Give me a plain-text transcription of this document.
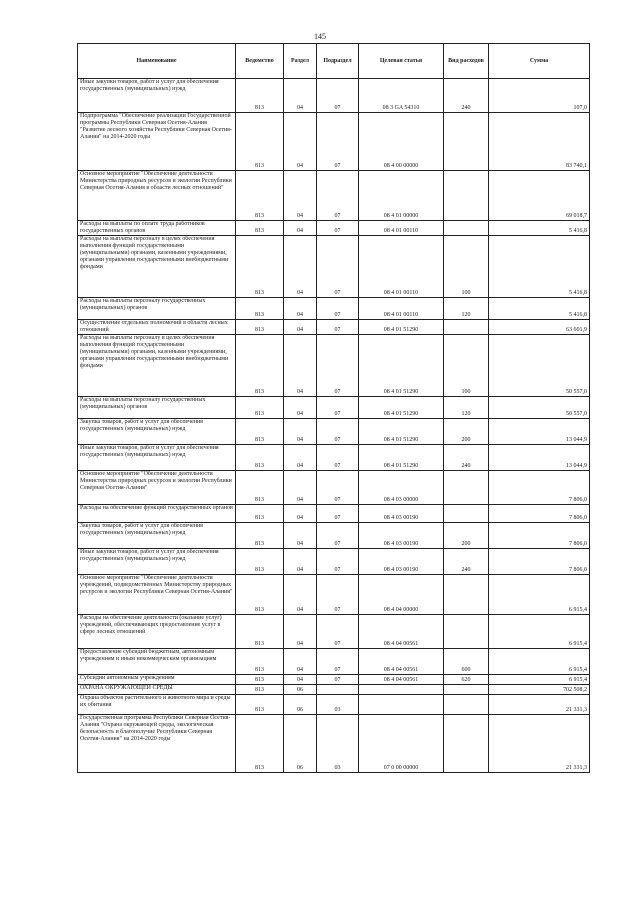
145
Наименование	Ведомство	Раздел	Подраздел	Целевая статья	Вид расходов	Сумма
Иные закупки товаров, работ и услуг для обеспечения государственных (муниципальных) нужд	813	04	07	08 3 GA 54310	240	107,0
Подпрограмма "Обеспечение реализации Государственной программы Республики Северная Осетия-Алания "Развитие лесного хозяйства Республики Северная Осетия-Алания" на 2014-2020 годы	813	04	07	08 4 00 00000		83 740,1
Основное мероприятие "Обеспечение деятельности Министерства природных ресурсов и экологии Республики Северная Осетия-Алания в области лесных отношений"	813	04	07	08 4 01 00000		69 018,7
Расходы на выплаты по оплате труда работников государственных органов	813	04	07	08 4 01 00110		5 416,8
Расходы на выплаты персоналу в целях обеспечения выполнения функций государственными (муниципальными) органами, казенными учреждениями, органами управления государственными внебюджетными фондами	813	04	07	08 4 01 00110	100	5 416,8
Расходы на выплаты персоналу государственных (муниципальных) органов	813	04	07	08 4 01 00110	120	5 416,8
Осуществление отдельных полномочий в области лесных отношений	813	04	07	08 4 01 51290		63 601,9
Расходы на выплаты персоналу в целях обеспечения выполнения функций государственными (муниципальными) органами, казенными учреждениями, органами управления государственными внебюджетными фондами	813	04	07	08 4 01 51290	100	50 557,0
Расходы на выплаты персоналу государственных (муниципальных) органов	813	04	07	08 4 01 51290	120	50 557,0
Закупка товаров, работ и услуг для обеспечения государственных (муниципальных) нужд	813	04	07	08 4 01 51290	200	13 044,9
Иные закупки товаров, работ и услуг для обеспечения государственных (муниципальных) нужд	813	04	07	08 4 01 51290	240	13 044,9
Основное мероприятие "Обеспечение деятельности Министерства природных ресурсов и экологии Республики Северная Осетия-Алания"	813	04	07	08 4 03 00000		7 806,0
Расходы на обеспечение функций государственных органов	813	04	07	08 4 03 00190		7 806,0
Закупка товаров, работ и услуг для обеспечения государственных (муниципальных) нужд	813	04	07	08 4 03 00190	200	7 806,0
Иные закупки товаров, работ и услуг для обеспечения государственных (муниципальных) нужд	813	04	07	08 4 03 00190	240	7 806,0
Основное мероприятие "Обеспечение деятельности учреждений, подведомственных Министерству природных ресурсов и экологии Республики Северная Осетия-Алания"	813	04	07	08 4 04 00000		6 915,4
Расходы на обеспечение деятельности (оказание услуг) учреждений, обеспечивающих предоставление услуг в сфере лесных отношений	813	04	07	08 4 04 00561		6 915,4
Предоставление субсидий бюджетным, автономным учреждениям и иным некоммерческим организациям	813	04	07	08 4 04 00561	600	6 915,4
Субсидии автономным учреждениям	813	04	07	08 4 04 00561	620	6 915,4
ОХРАНА ОКРУЖАЮЩЕЙ СРЕДЫ	813	06				702 508,2
Охрана объектов растительного и животного мира и среды их обитания	813	06	03			21 331,3
Государственная программа Республики Северная Осетия-Алания "Охрана окружающей среды, экологическая безопасность и благополучие Республики Северная Осетия-Алания" на 2014-2020 годы	813	06	03	07 0 00 00000		21 331,3
